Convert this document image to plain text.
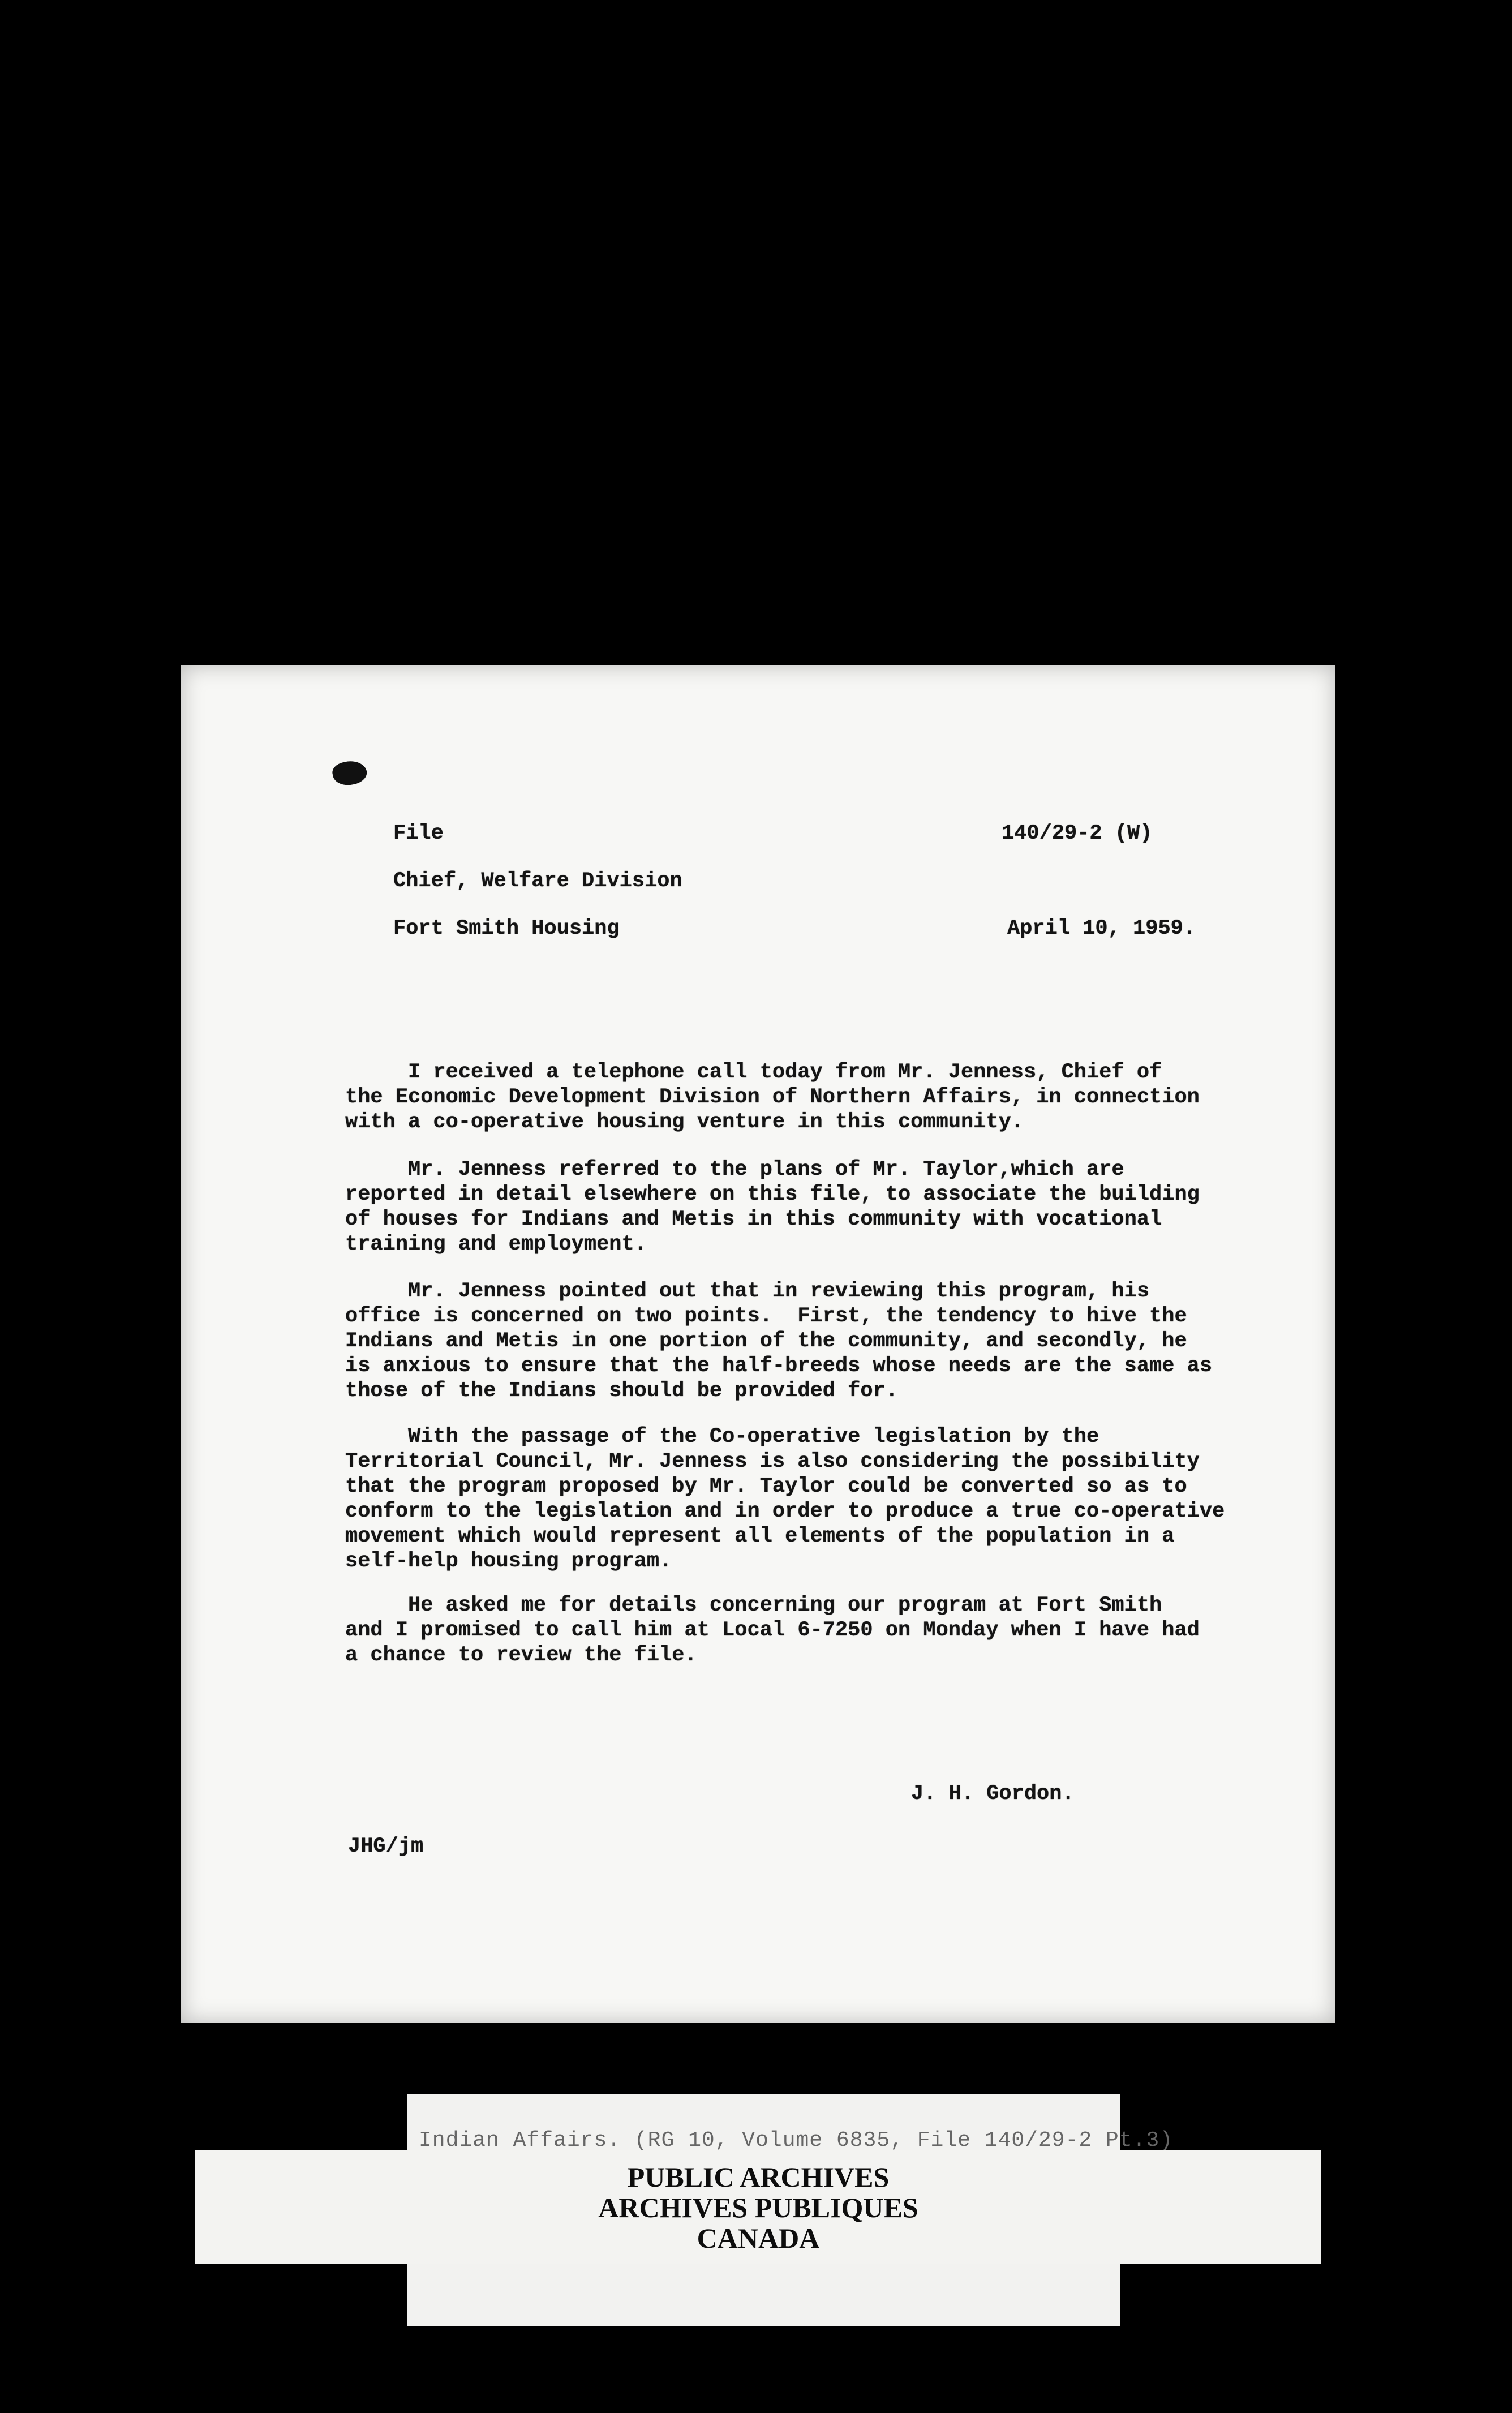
File	140/29-2 (W)
Chief, Welfare Division
Fort Smith Housing	April 10, 1959.
I received a telephone call today from Mr. Jenness, Chief of
the Economic Development Division of Northern Affairs, in connection
with a co-operative housing venture in this community.
Mr. Jenness referred to the plans of Mr. Taylor,which are
reported in detail elsewhere on this file, to associate the building
of houses for Indians and Metis in this community with vocational
training and employment.
Mr. Jenness pointed out that in reviewing this program, his
office is concerned on two points.  First, the tendency to hive the
Indians and Metis in one portion of the community, and secondly, he
is anxious to ensure that the half-breeds whose needs are the same as
those of the Indians should be provided for.
With the passage of the Co-operative legislation by the
Territorial Council, Mr. Jenness is also considering the possibility
that the program proposed by Mr. Taylor could be converted so as to
conform to the legislation and in order to produce a true co-operative
movement which would represent all elements of the population in a
self-help housing program.
He asked me for details concerning our program at Fort Smith
and I promised to call him at Local 6-7250 on Monday when I have had
a chance to review the file.
J. H. Gordon.
JHG/jm
Indian Affairs. (RG 10, Volume 6835, File 140/29-2 Pt.3)
PUBLIC ARCHIVES
ARCHIVES PUBLIQUES
CANADA
